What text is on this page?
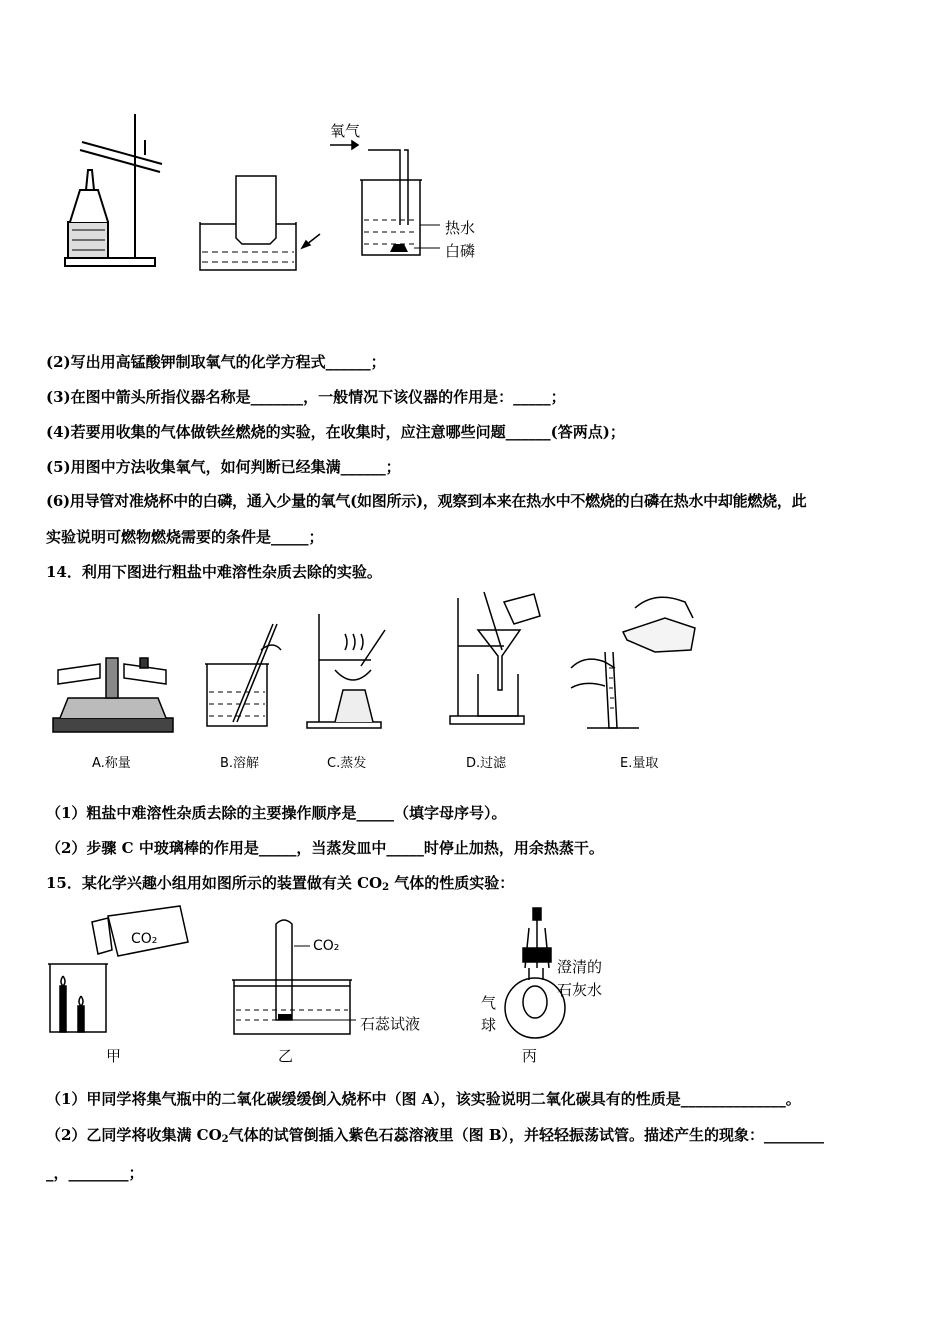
氧气
热水
白磷
(2)写出用高锰酸钾制取氧气的化学方程式______；
(3)在图中箭头所指仪器名称是_______，一般情况下该仪器的作用是：_____；
(4)若要用收集的气体做铁丝燃烧的实验，在收集时，应注意哪些问题______(答两点)；
(5)用图中方法收集氧气，如何判断已经集满______；
(6)用导管对准烧杯中的白磷，通入少量的氧气(如图所示)，观察到本来在热水中不燃烧的白磷在热水中却能燃烧，此
实验说明可燃物燃烧需要的条件是_____；
14．利用下图进行粗盐中难溶性杂质去除的实验。
A.称量	B.溶解	C.蒸发	D.过滤	E.量取
（1）粗盐中难溶性杂质去除的主要操作顺序是_____（填字母序号）。
（2）步骤 C 中玻璃棒的作用是_____，当蒸发皿中_____时停止加热，用余热蒸干。
15．某化学兴趣小组用如图所示的装置做有关 $CO_2$ 气体的性质实验：
CO₂
甲
CO₂
石蕊试液
乙
澄清的
石灰水
气
球
丙
（1）甲同学将集气瓶中的二氧化碳缓缓倒入烧杯中（图 A），该实验说明二氧化碳具有的性质是______________。
（2）乙同学将收集满 $CO_2$气体的试管倒插入紫色石蕊溶液里（图 B），并轻轻振荡试管。描述产生的现象：________
_，________；
